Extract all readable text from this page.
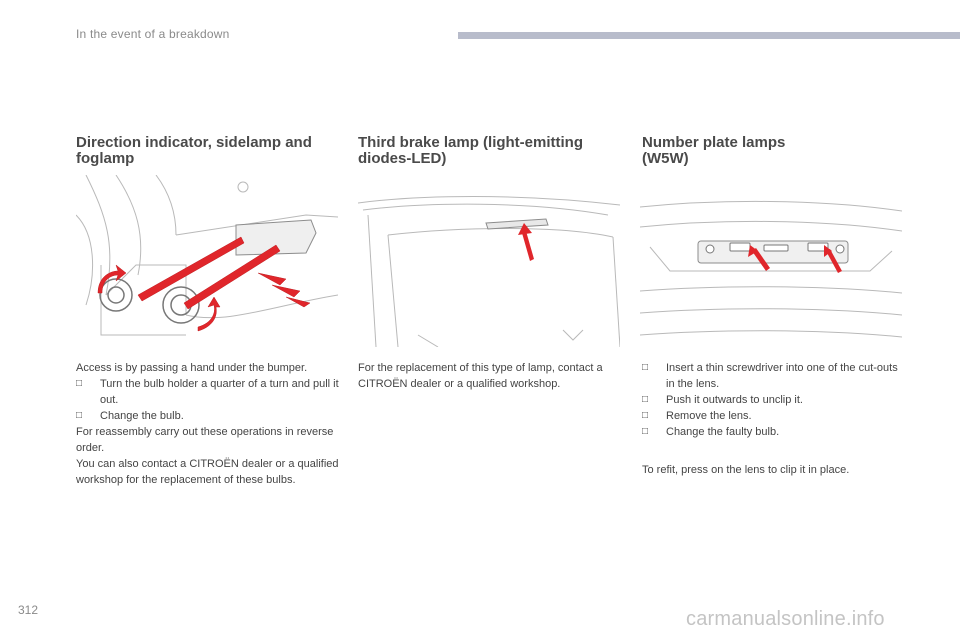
In the event of a breakdown
Direction indicator, sidelamp and
foglamp

Access is by passing a hand under the bumper.

□	Turn the bulb holder a quarter of a turn and pull it out.
□	Change the bulb.

For reassembly carry out these operations in reverse order.

You can also contact a CITROËN dealer or a qualified workshop for the replacement of these bulbs.

Third brake lamp (light-emitting
diodes-LED)

For the replacement of this type of lamp, contact a CITROËN dealer or a qualified workshop.

Number plate lamps
(W5W)
□	Insert a thin screwdriver into one of the cut-outs in the lens.
□	Push it outwards to unclip it.
□	Remove the lens.
□	Change the faulty bulb.

To refit, press on the lens to clip it in place.

312	carmanualsonline.info
